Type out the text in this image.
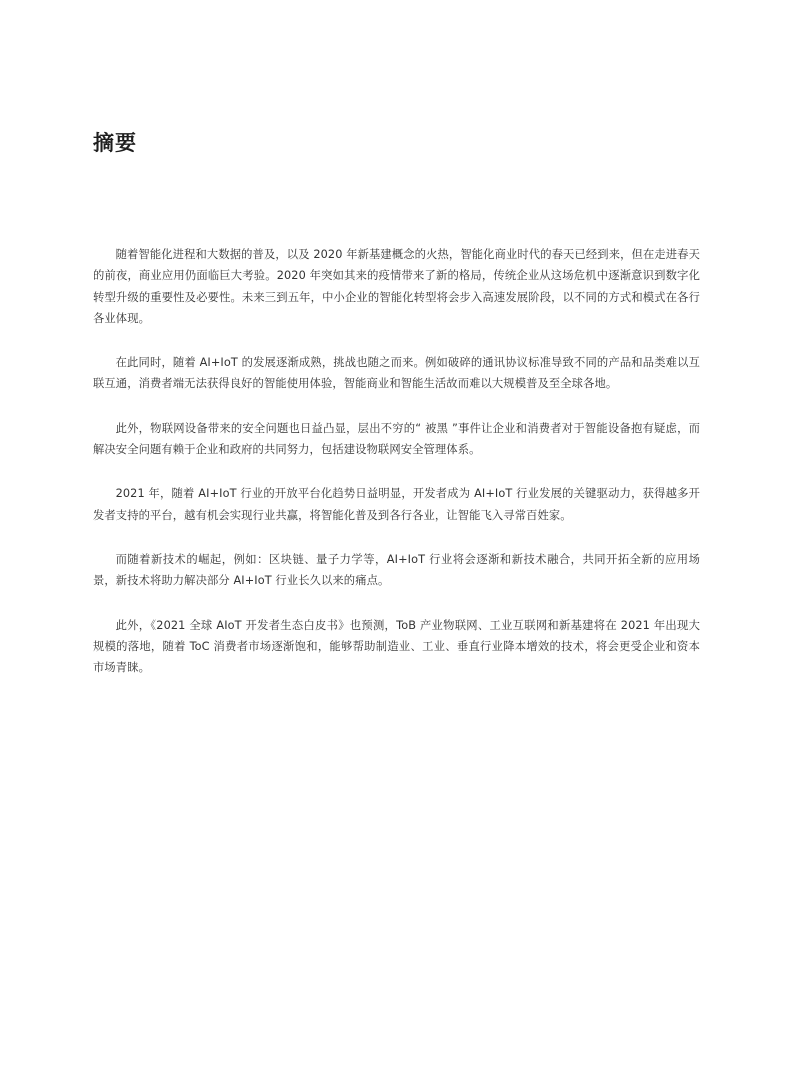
摘要

随着智能化进程和大数据的普及，以及 2020 年新基建概念的火热，智能化商业时代的春天已经到来，但在走进春天的前夜，商业应用仍面临巨大考验。2020 年突如其来的疫情带来了新的格局，传统企业从这场危机中逐渐意识到数字化转型升级的重要性及必要性。未来三到五年，中小企业的智能化转型将会步入高速发展阶段，以不同的方式和模式在各行各业体现。

在此同时，随着 AI+IoT 的发展逐渐成熟，挑战也随之而来。例如破碎的通讯协议标准导致不同的产品和品类难以互联互通，消费者端无法获得良好的智能使用体验，智能商业和智能生活故而难以大规模普及至全球各地。

此外，物联网设备带来的安全问题也日益凸显，层出不穷的“ 被黑 ”事件让企业和消费者对于智能设备抱有疑虑，而解决安全问题有赖于企业和政府的共同努力，包括建设物联网安全管理体系。

2021 年，随着 AI+IoT 行业的开放平台化趋势日益明显，开发者成为 AI+IoT 行业发展的关键驱动力，获得越多开发者支持的平台，越有机会实现行业共赢，将智能化普及到各行各业，让智能飞入寻常百姓家。

而随着新技术的崛起，例如：区块链、量子力学等，AI+IoT 行业将会逐渐和新技术融合，共同开拓全新的应用场景，新技术将助力解决部分 AI+IoT 行业长久以来的痛点。

此外，《2021 全球 AIoT 开发者生态白皮书》也预测，ToB 产业物联网、工业互联网和新基建将在 2021 年出现大规模的落地，随着 ToC 消费者市场逐渐饱和，能够帮助制造业、工业、垂直行业降本增效的技术，将会更受企业和资本市场青睐。
